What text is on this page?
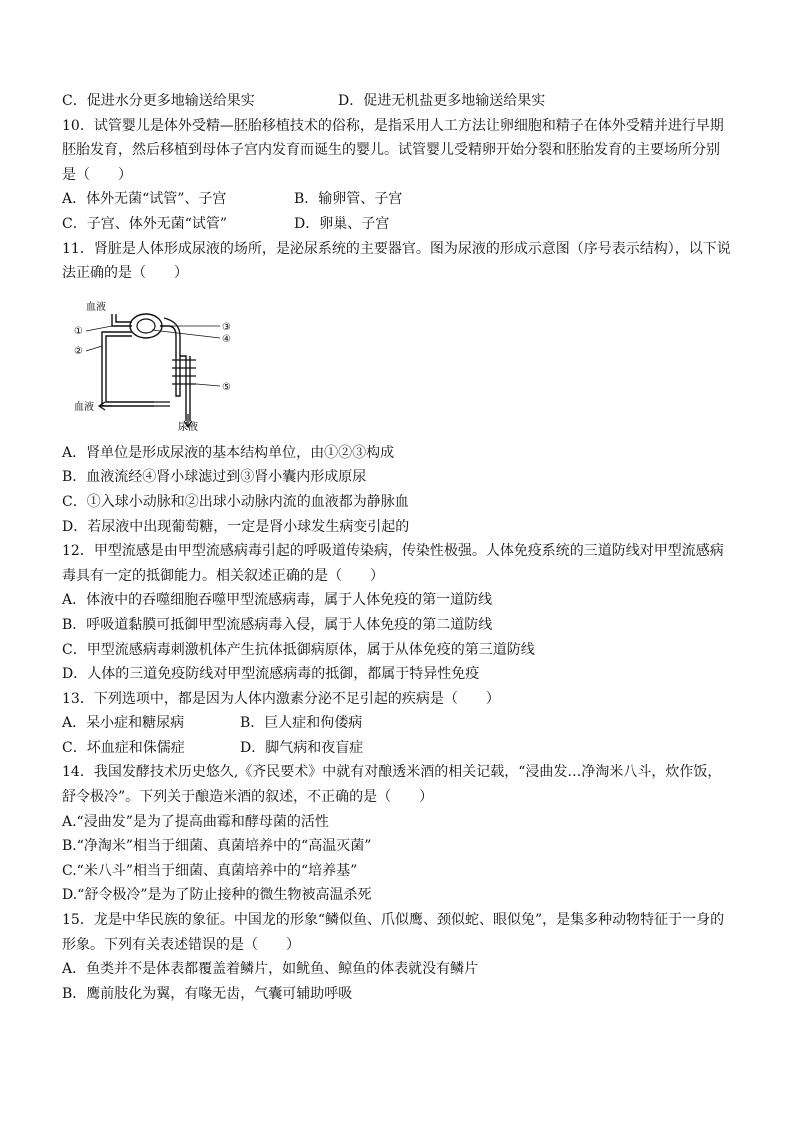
C．促进水分更多地输送给果实	D．促进无机盐更多地输送给果实
10．试管婴儿是体外受精—胚胎移植技术的俗称，是指采用人工方法让卵细胞和精子在体外受精并进行早期
胚胎发育，然后移植到母体子宫内发育而诞生的婴儿。试管婴儿受精卵开始分裂和胚胎发育的主要场所分别
是（　　）
A．体外无菌“试管”、子宫	B．输卵管、子宫
C．子宫、体外无菌“试管”	D．卵巢、子宫
11．肾脏是人体形成尿液的场所，是泌尿系统的主要器官。图为尿液的形成示意图（序号表示结构），以下说
法正确的是（　　）
血液
①
②
③
④
⑤
血液
尿液
A．肾单位是形成尿液的基本结构单位，由①②③构成
B．血液流经④肾小球滤过到③肾小囊内形成原尿
C．①入球小动脉和②出球小动脉内流的血液都为静脉血
D．若尿液中出现葡萄糖，一定是肾小球发生病变引起的
12．甲型流感是由甲型流感病毒引起的呼吸道传染病，传染性极强。人体免疫系统的三道防线对甲型流感病
毒具有一定的抵御能力。相关叙述正确的是（　　）
A．体液中的吞噬细胞吞噬甲型流感病毒，属于人体免疫的第一道防线
B．呼吸道黏膜可抵御甲型流感病毒入侵，属于人体免疫的第二道防线
C．甲型流感病毒刺激机体产生抗体抵御病原体，属于从体免疫的第三道防线
D．人体的三道免疫防线对甲型流感病毒的抵御，都属于特异性免疫
13．下列选项中，都是因为人体内激素分泌不足引起的疾病是（　　）
A．呆小症和糖尿病	B．巨人症和佝偻病
C．坏血症和侏儒症	D．脚气病和夜盲症
14．我国发酵技术历史悠久,《齐民要术》中就有对酿透米酒的相关记载，“浸曲发…净淘米八斗，炊作饭，
舒令极冷”。下列关于酿造米酒的叙述，不正确的是（　　）
A.“浸曲发”是为了提高曲霉和酵母菌的活性
B.“净淘米”相当于细菌、真菌培养中的“高温灭菌”
C.“米八斗”相当于细菌、真菌培养中的“培养基”
D.“舒令极冷”是为了防止接种的微生物被高温杀死
15．龙是中华民族的象征。中国龙的形象“鳞似鱼、爪似鹰、颈似蛇、眼似兔”，是集多种动物特征于一身的
形象。下列有关表述错误的是（　　）
A．鱼类并不是体表都覆盖着鳞片，如鱿鱼、鲸鱼的体表就没有鳞片
B．鹰前肢化为翼，有喙无齿，气囊可辅助呼吸
